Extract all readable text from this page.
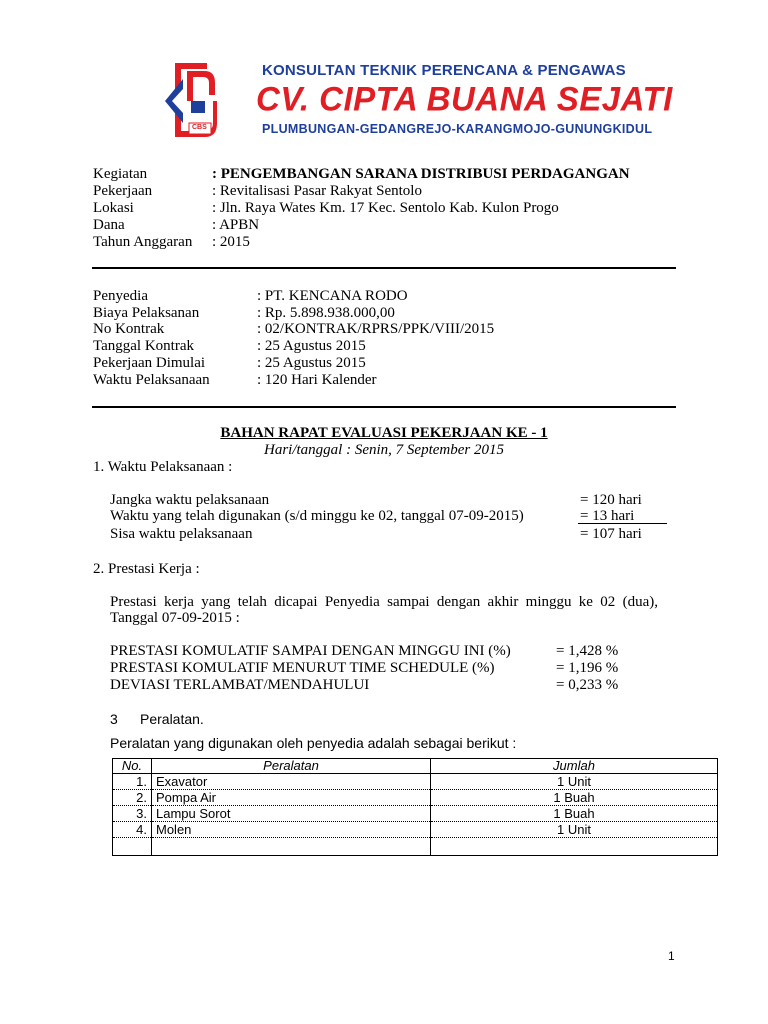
CBS
KONSULTAN TEKNIK PERENCANA & PENGAWAS
CV. CIPTA BUANA SEJATI
PLUMBUNGAN-GEDANGREJO-KARANGMOJO-GUNUNGKIDUL
Kegiatan	: PENGEMBANGAN SARANA DISTRIBUSI PERDAGANGAN
Pekerjaan	: Revitalisasi Pasar Rakyat Sentolo
Lokasi	: Jln. Raya Wates Km. 17 Kec. Sentolo Kab. Kulon Progo
Dana	: APBN
Tahun Anggaran : 2015
Penyedia	: PT. KENCANA RODO
Biaya Pelaksanan	: Rp. 5.898.938.000,00
No Kontrak	: 02/KONTRAK/RPRS/PPK/VIII/2015
Tanggal Kontrak	: 25 Agustus 2015
Pekerjaan Dimulai	: 25 Agustus 2015
Waktu Pelaksanaan	: 120 Hari Kalender
BAHAN RAPAT EVALUASI PEKERJAAN KE - 1
Hari/tanggal : Senin, 7 September 2015
1. Waktu Pelaksanaan :
Jangka waktu pelaksanaan	= 120 hari
Waktu yang telah digunakan (s/d minggu ke 02, tanggal 07-09-2015)	= 13 hari
Sisa waktu pelaksanaan	= 107 hari
2. Prestasi Kerja :
Prestasi kerja yang telah dicapai Penyedia sampai dengan akhir minggu ke 02 (dua),
Tanggal 07-09-2015 :
PRESTASI KOMULATIF SAMPAI DENGAN MINGGU INI (%)	= 1,428 %
PRESTASI KOMULATIF MENURUT TIME SCHEDULE (%)	= 1,196 %
DEVIASI TERLAMBAT/MENDAHULUI	= 0,233 %
3 Peralatan.
Peralatan yang digunakan oleh penyedia adalah sebagai berikut :
No.	Peralatan	Jumlah
1.	Exavator	1 Unit
2.	Pompa Air	1 Buah
3.	Lampu Sorot	1 Buah
4.	Molen	1 Unit

1
